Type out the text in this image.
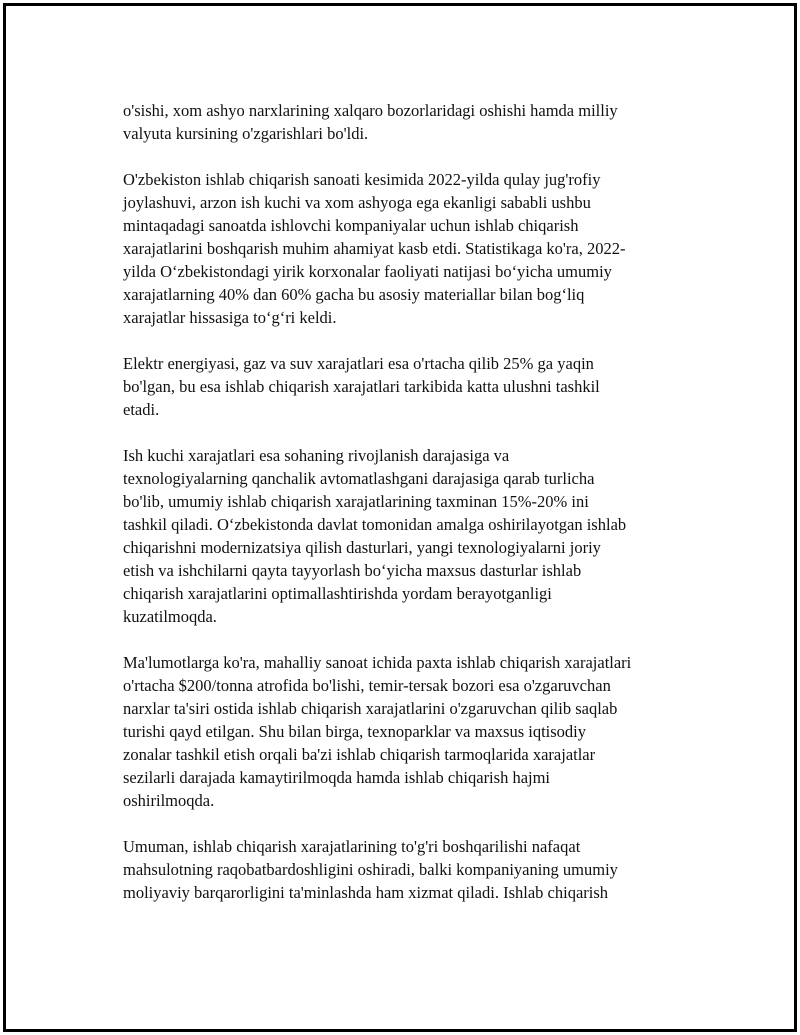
o'sishi, xom ashyo narxlarining xalqaro bozorlaridagi oshishi hamda milliy
valyuta kursining o'zgarishlari bo'ldi.

O'zbekiston ishlab chiqarish sanoati kesimida 2022-yilda qulay jug'rofiy
joylashuvi, arzon ish kuchi va xom ashyoga ega ekanligi sababli ushbu
mintaqadagi sanoatda ishlovchi kompaniyalar uchun ishlab chiqarish
xarajatlarini boshqarish muhim ahamiyat kasb etdi. Statistikaga ko'ra, 2022-
yilda O‘zbekistondagi yirik korxonalar faoliyati natijasi bo‘yicha umumiy
xarajatlarning 40% dan 60% gacha bu asosiy materiallar bilan bog‘liq
xarajatlar hissasiga to‘g‘ri keldi.

Elektr energiyasi, gaz va suv xarajatlari esa o'rtacha qilib 25% ga yaqin
bo'lgan, bu esa ishlab chiqarish xarajatlari tarkibida katta ulushni tashkil
etadi.

Ish kuchi xarajatlari esa sohaning rivojlanish darajasiga va
texnologiyalarning qanchalik avtomatlashgani darajasiga qarab turlicha
bo'lib, umumiy ishlab chiqarish xarajatlarining taxminan 15%-20% ini
tashkil qiladi. O‘zbekistonda davlat tomonidan amalga oshirilayotgan ishlab
chiqarishni modernizatsiya qilish dasturlari, yangi texnologiyalarni joriy
etish va ishchilarni qayta tayyorlash bo‘yicha maxsus dasturlar ishlab
chiqarish xarajatlarini optimallashtirishda yordam berayotganligi
kuzatilmoqda.

Ma'lumotlarga ko'ra, mahalliy sanoat ichida paxta ishlab chiqarish xarajatlari
o'rtacha $200/tonna atrofida bo'lishi, temir-tersak bozori esa o'zgaruvchan
narxlar ta'siri ostida ishlab chiqarish xarajatlarini o'zgaruvchan qilib saqlab
turishi qayd etilgan. Shu bilan birga, texnoparklar va maxsus iqtisodiy
zonalar tashkil etish orqali ba'zi ishlab chiqarish tarmoqlarida xarajatlar
sezilarli darajada kamaytirilmoqda hamda ishlab chiqarish hajmi
oshirilmoqda.

Umuman, ishlab chiqarish xarajatlarining to'g'ri boshqarilishi nafaqat
mahsulotning raqobatbardoshligini oshiradi, balki kompaniyaning umumiy
moliyaviy barqarorligini ta'minlashda ham xizmat qiladi. Ishlab chiqarish
